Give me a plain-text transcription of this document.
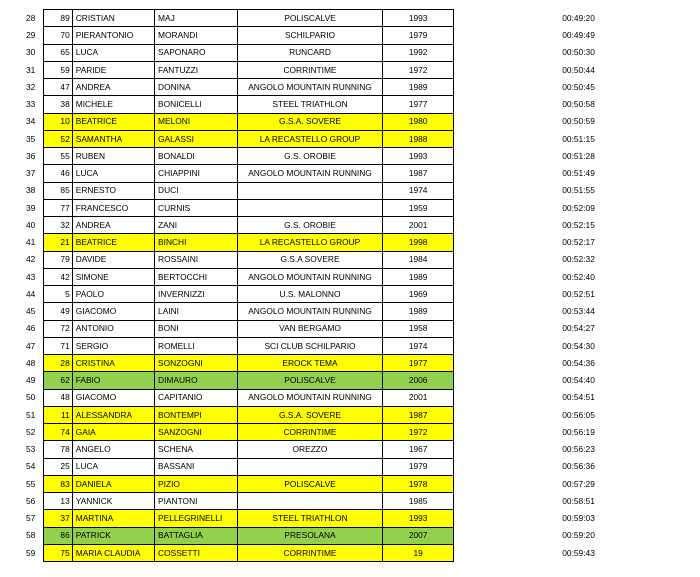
28	89	CRISTIAN	MAJ	POLISCALVE	1993	00:49:20
29	70	PIERANTONIO	MORANDI	SCHILPARIO	1979	00:49:49
30	65	LUCA	SAPONARO	RUNCARD	1992	00:50:30
31	59	PARIDE	FANTUZZI	CORRINTIME	1972	00:50:44
32	47	ANDREA	DONINA	ANGOLO MOUNTAIN RUNNING	1989	00:50:45
33	38	MICHELE	BONICELLI	STEEL TRIATHLON	1977	00:50:58
34	10	BEATRICE	MELONI	G.S.A. SOVERE	1980	00:50:59
35	52	SAMANTHA	GALASSI	LA RECASTELLO GROUP	1988	00:51:15
36	55	RUBEN	BONALDI	G.S. OROBIE	1993	00:51:28
37	46	LUCA	CHIAPPINI	ANGOLO MOUNTAIN RUNNING	1987	00:51:49
38	85	ERNESTO	DUCI		1974	00:51:55
39	77	FRANCESCO	CURNIS		1959	00:52:09
40	32	ANDREA	ZANI	G.S. OROBIE	2001	00:52:15
41	21	BEATRICE	BINCHI	LA RECASTELLO GROUP	1998	00:52:17
42	79	DAVIDE	ROSSAINI	G.S.A SOVERE	1984	00:52:32
43	42	SIMONE	BERTOCCHI	ANGOLO MOUNTAIN RUNNING	1989	00:52:40
44	5	PAOLO	INVERNIZZI	U.S. MALONNO	1969	00:52:51
45	49	GIACOMO	LAINI	ANGOLO MOUNTAIN RUNNING	1989	00:53:44
46	72	ANTONIO	BONI	VAN BERGAMO	1958	00:54:27
47	71	SERGIO	ROMELLI	SCI CLUB SCHILPARIO	1974	00:54:30
48	28	CRISTINA	SONZOGNI	EROCK TEMA	1977	00:54:36
49	62	FABIO	DIMAURO	POLISCALVE	2006	00:54:40
50	48	GIACOMO	CAPITANIO	ANGOLO MOUNTAIN RUNNING	2001	00:54:51
51	11	ALESSANDRA	BONTEMPI	G.S.A. SOVERE	1987	00:56:05
52	74	GAIA	SANZOGNI	CORRINTIME	1972	00:56:19
53	78	ANGELO	SCHENA	OREZZO	1967	00:56:23
54	25	LUCA	BASSANI		1979	00:56:36
55	83	DANIELA	PIZIO	POLISCALVE	1978	00:57:29
56	13	YANNICK	PIANTONI		1985	00:58:51
57	37	MARTINA	PELLEGRINELLI	STEEL TRIATHLON	1993	00:59:03
58	86	PATRICK	BATTAGLIA	PRESOLANA	2007	00:59:20
59	75	MARIA CLAUDIA	COSSETTI	CORRINTIME	19	00:59:43
